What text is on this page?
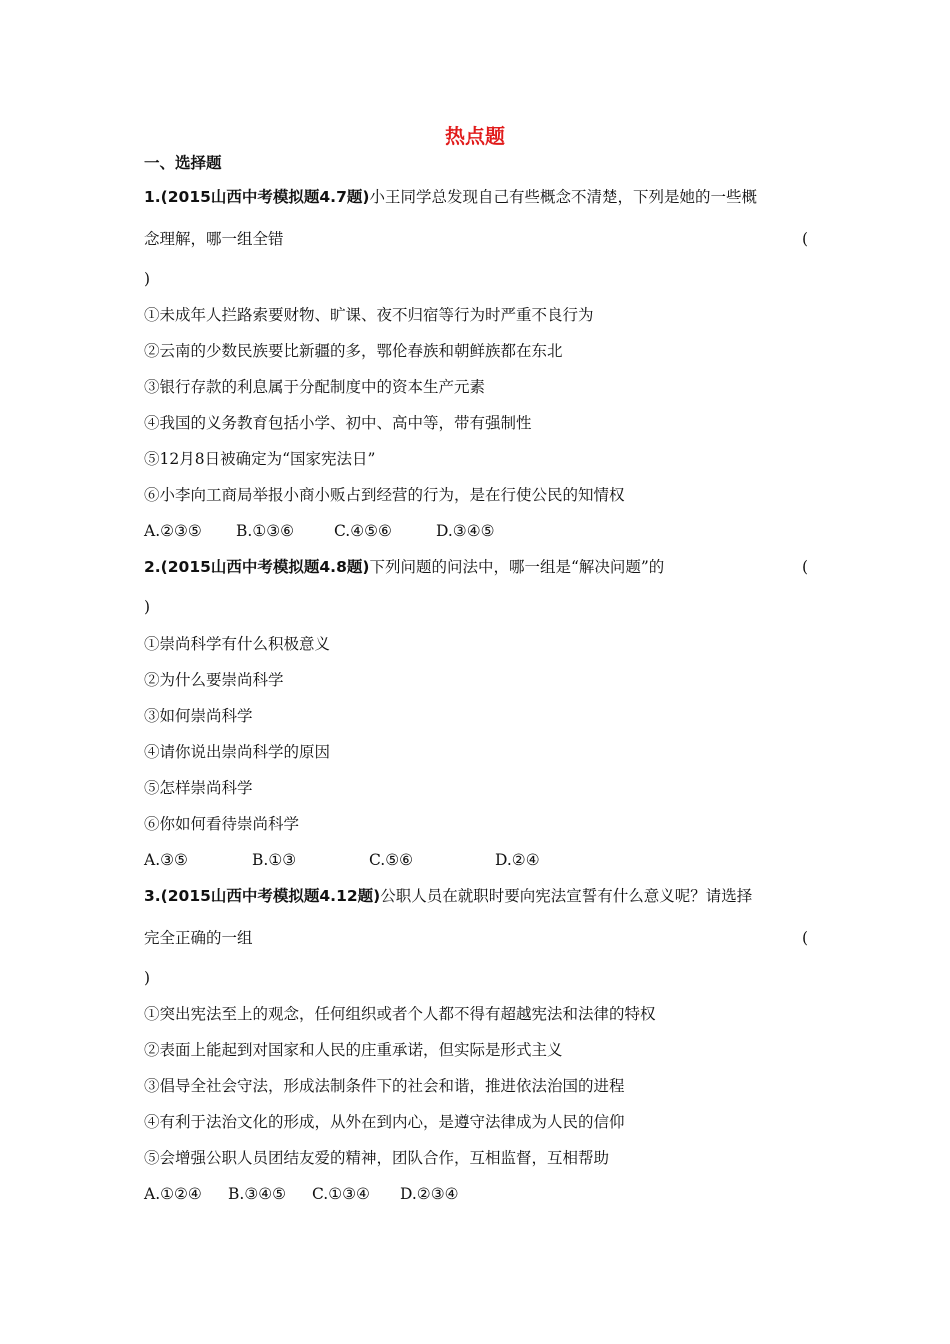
热点题
一、选择题
1.(2015山西中考模拟题4.7题)小王同学总发现自己有些概念不清楚，下列是她的一些概
念理解，哪一组全错	(
)
①未成年人拦路索要财物、旷课、夜不归宿等行为时严重不良行为
②云南的少数民族要比新疆的多，鄂伦春族和朝鲜族都在东北
③银行存款的利息属于分配制度中的资本生产元素
④我国的义务教育包括小学、初中、高中等，带有强制性
⑤12月8日被确定为“国家宪法日”
⑥小李向工商局举报小商小贩占到经营的行为，是在行使公民的知情权
A.②③⑤ B.①③⑥	C.④⑤⑥	D.③④⑤
2.(2015山西中考模拟题4.8题)下列问题的问法中，哪一组是“解决问题”的	(
)
①崇尚科学有什么积极意义
②为什么要崇尚科学
③如何崇尚科学
④请你说出崇尚科学的原因
⑤怎样崇尚科学
⑥你如何看待崇尚科学
A.③⑤	B.①③	C.⑤⑥	D.②④
3.(2015山西中考模拟题4.12题)公职人员在就职时要向宪法宣誓有什么意义呢？请选择
完全正确的一组	(
)
①突出宪法至上的观念，任何组织或者个人都不得有超越宪法和法律的特权
②表面上能起到对国家和人民的庄重承诺，但实际是形式主义
③倡导全社会守法，形成法制条件下的社会和谐，推进依法治国的进程
④有利于法治文化的形成，从外在到内心，是遵守法律成为人民的信仰
⑤会增强公职人员团结友爱的精神，团队合作，互相监督，互相帮助
A.①②④ B.③④⑤ C.①③④ D.②③④
